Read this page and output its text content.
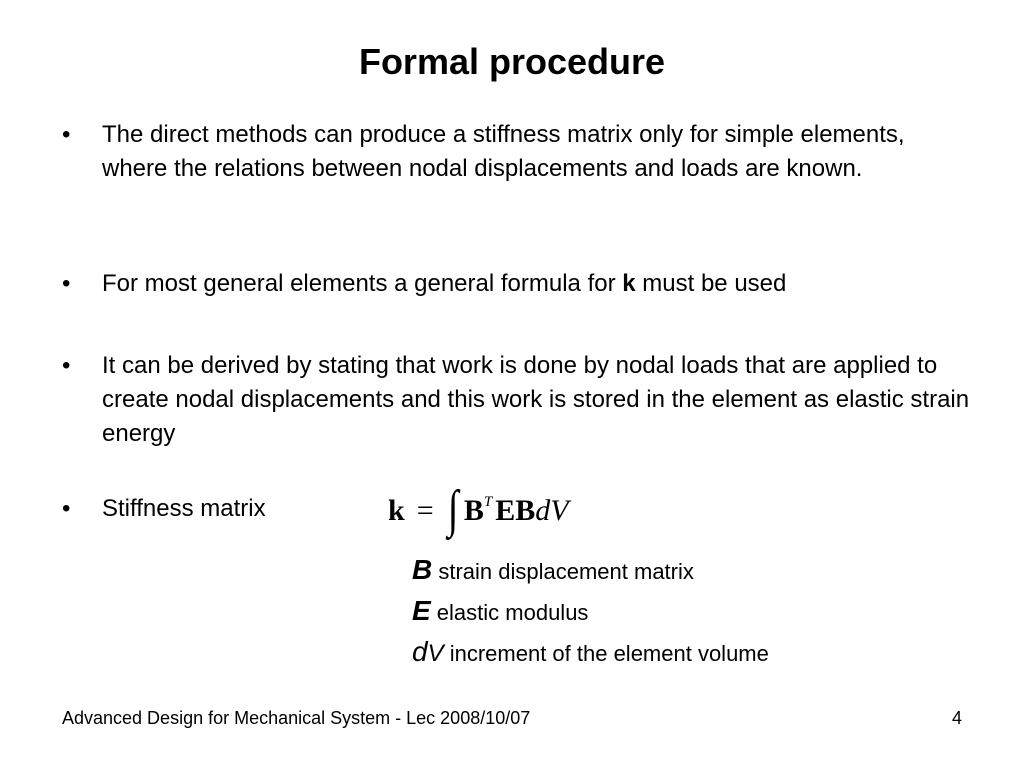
Formal procedure
• The direct methods can produce a stiffness matrix only for simple elements, where the relations between nodal displacements and loads are known.
• For most general elements a general formula for k must be used
• It can be derived by stating that work is done by nodal loads that are applied to create nodal displacements and this work is stored in the element as elastic strain energy
• Stiffness matrix	k = ∫ BT EBdV
B strain displacement matrix
E elastic modulus
dV increment of the element volume
Advanced Design for Mechanical System - Lec 2008/10/07	4
